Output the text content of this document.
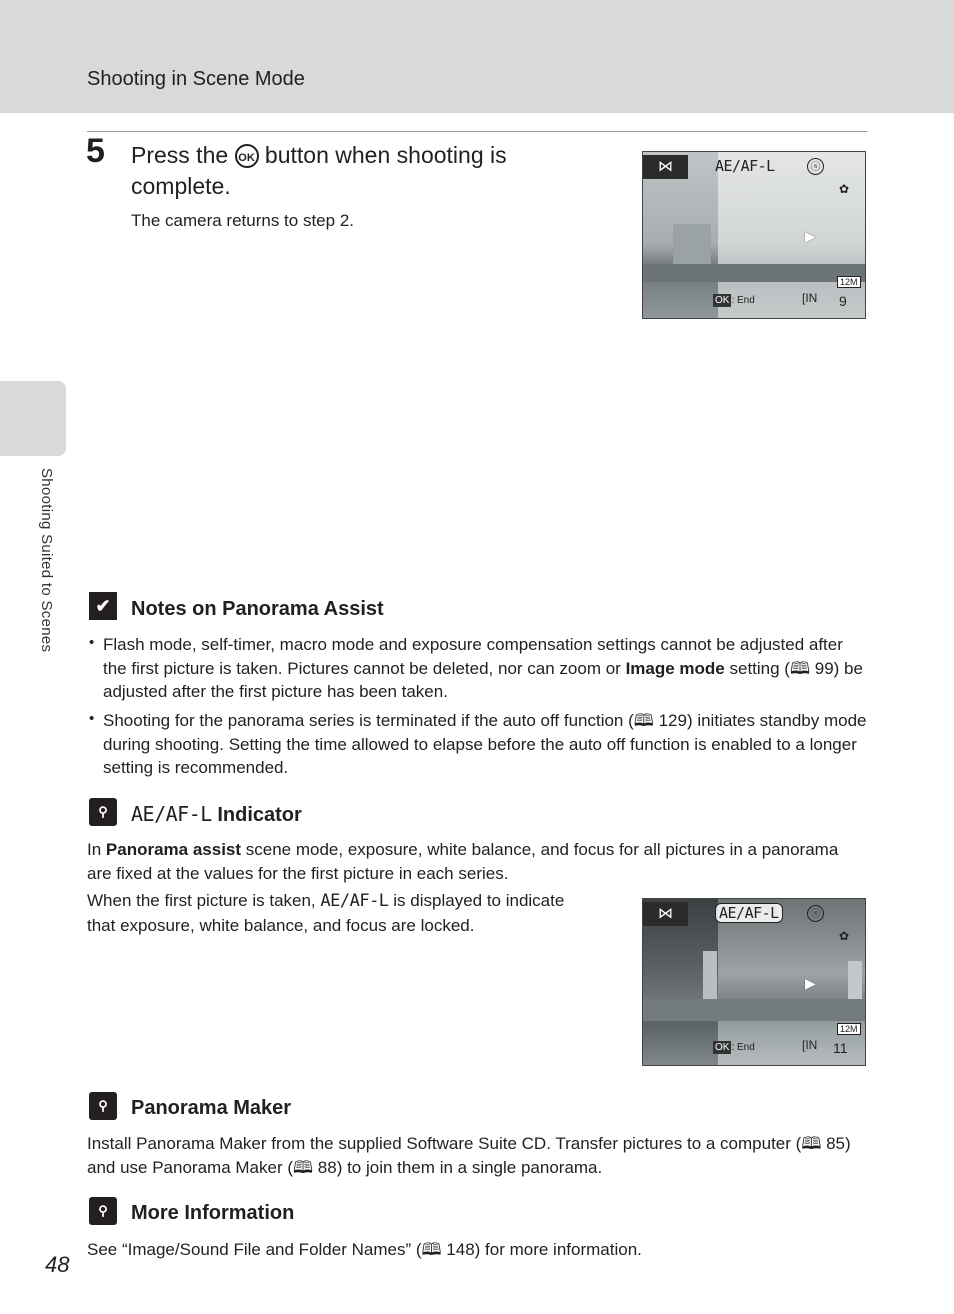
Shooting in Scene Mode
Shooting Suited to Scenes
5 Press the OK button when shooting is complete.
The camera returns to step 2.
⋈	AE/AF-L	ⓢ
✿
▶
12M
OK : End	[IN 9
✔	Notes on Panorama Assist
• Flash mode, self-timer, macro mode and exposure compensation settings cannot be adjusted after the first picture is taken. Pictures cannot be deleted, nor can zoom or Image mode setting (🕮 99) be adjusted after the first picture has been taken.
• Shooting for the panorama series is terminated if the auto off function (🕮 129) initiates standby mode during shooting. Setting the time allowed to elapse before the auto off function is enabled to a longer setting is recommended.
⚲	AE/AF-L Indicator
In Panorama assist scene mode, exposure, white balance, and focus for all pictures in a panorama are fixed at the values for the first picture in each series.
When the first picture is taken, AE/AF-L is displayed to indicate that exposure, white balance, and focus are locked.
⋈	AE/AF-L	ⓢ
✿
▶
12M
OK : End	[IN 11
⚲	Panorama Maker
Install Panorama Maker from the supplied Software Suite CD. Transfer pictures to a computer (🕮 85) and use Panorama Maker (🕮 88) to join them in a single panorama.
⚲	More Information
See “Image/Sound File and Folder Names” (🕮 148) for more information.
48
